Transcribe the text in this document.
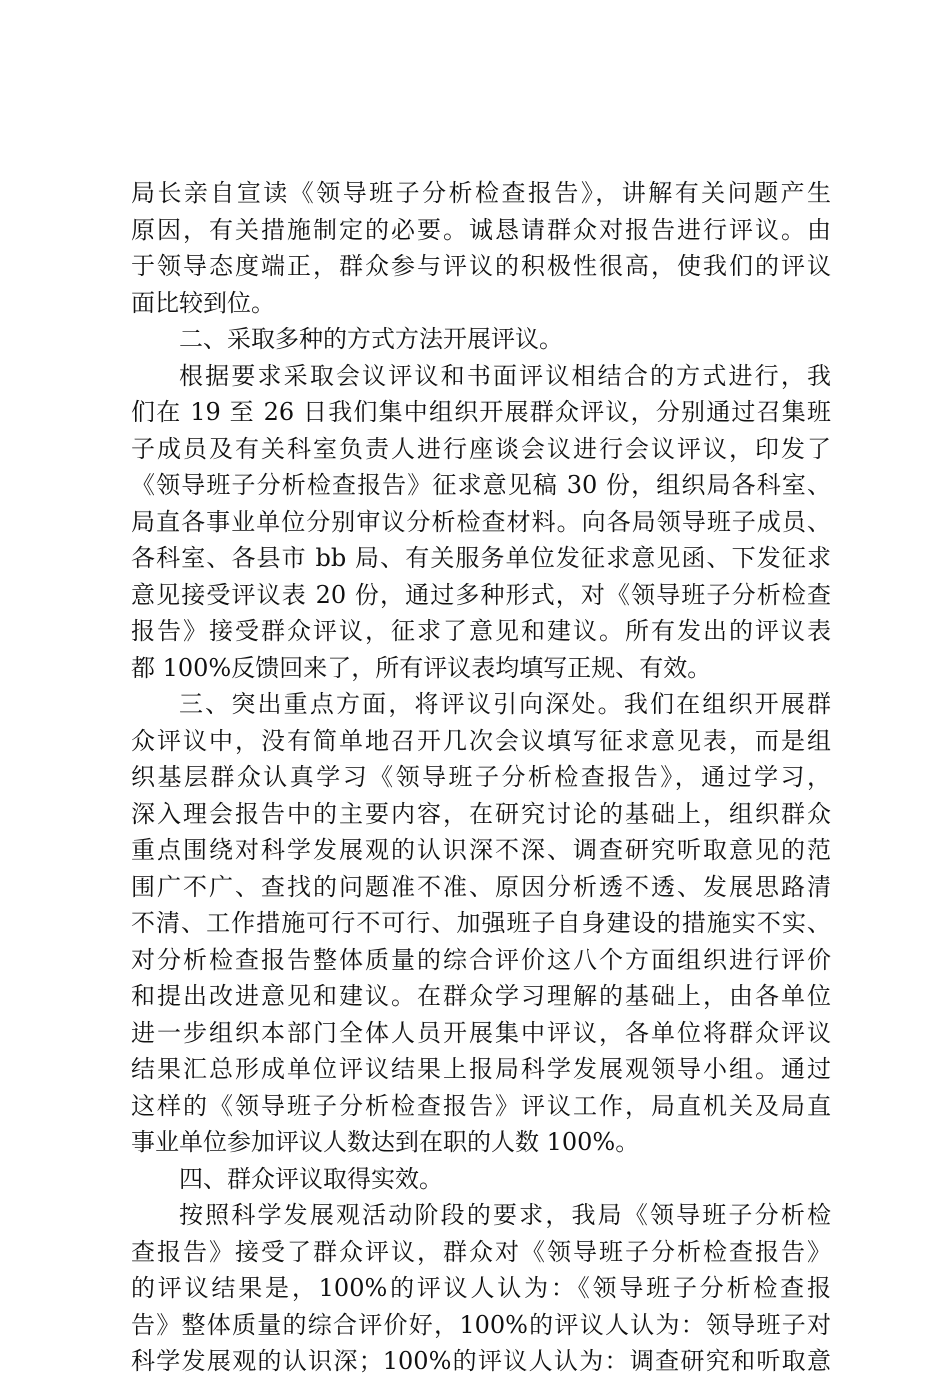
局长亲自宣读《领导班子分析检查报告》，讲解有关问题产生
原因，有关措施制定的必要。诚恳请群众对报告进行评议。由
于领导态度端正，群众参与评议的积极性很高，使我们的评议
面比较到位。
二、采取多种的方式方法开展评议。
根据要求采取会议评议和书面评议相结合的方式进行，我
们在 19 至 26 日我们集中组织开展群众评议，分别通过召集班
子成员及有关科室负责人进行座谈会议进行会议评议，印发了
《领导班子分析检查报告》征求意见稿 30 份，组织局各科室、
局直各事业单位分别审议分析检查材料。向各局领导班子成员、
各科室、各县市 bb 局、有关服务单位发征求意见函、下发征求
意见接受评议表 20 份，通过多种形式，对《领导班子分析检查
报告》接受群众评议，征求了意见和建议。所有发出的评议表
都 100%反馈回来了，所有评议表均填写正规、有效。
三、突出重点方面，将评议引向深处。我们在组织开展群
众评议中，没有简单地召开几次会议填写征求意见表，而是组
织基层群众认真学习《领导班子分析检查报告》，通过学习，
深入理会报告中的主要内容，在研究讨论的基础上，组织群众
重点围绕对科学发展观的认识深不深、调查研究听取意见的范
围广不广、查找的问题准不准、原因分析透不透、发展思路清
不清、工作措施可行不可行、加强班子自身建设的措施实不实、
对分析检查报告整体质量的综合评价这八个方面组织进行评价
和提出改进意见和建议。在群众学习理解的基础上，由各单位
进一步组织本部门全体人员开展集中评议，各单位将群众评议
结果汇总形成单位评议结果上报局科学发展观领导小组。通过
这样的《领导班子分析检查报告》评议工作，局直机关及局直
事业单位参加评议人数达到在职的人数 100%。
四、群众评议取得实效。
按照科学发展观活动阶段的要求，我局《领导班子分析检
查报告》接受了群众评议，群众对《领导班子分析检查报告》
的评议结果是，100%的评议人认为：《领导班子分析检查报
告》整体质量的综合评价好，100%的评议人认为：领导班子对
科学发展观的认识深；100%的评议人认为：调查研究和听取意
